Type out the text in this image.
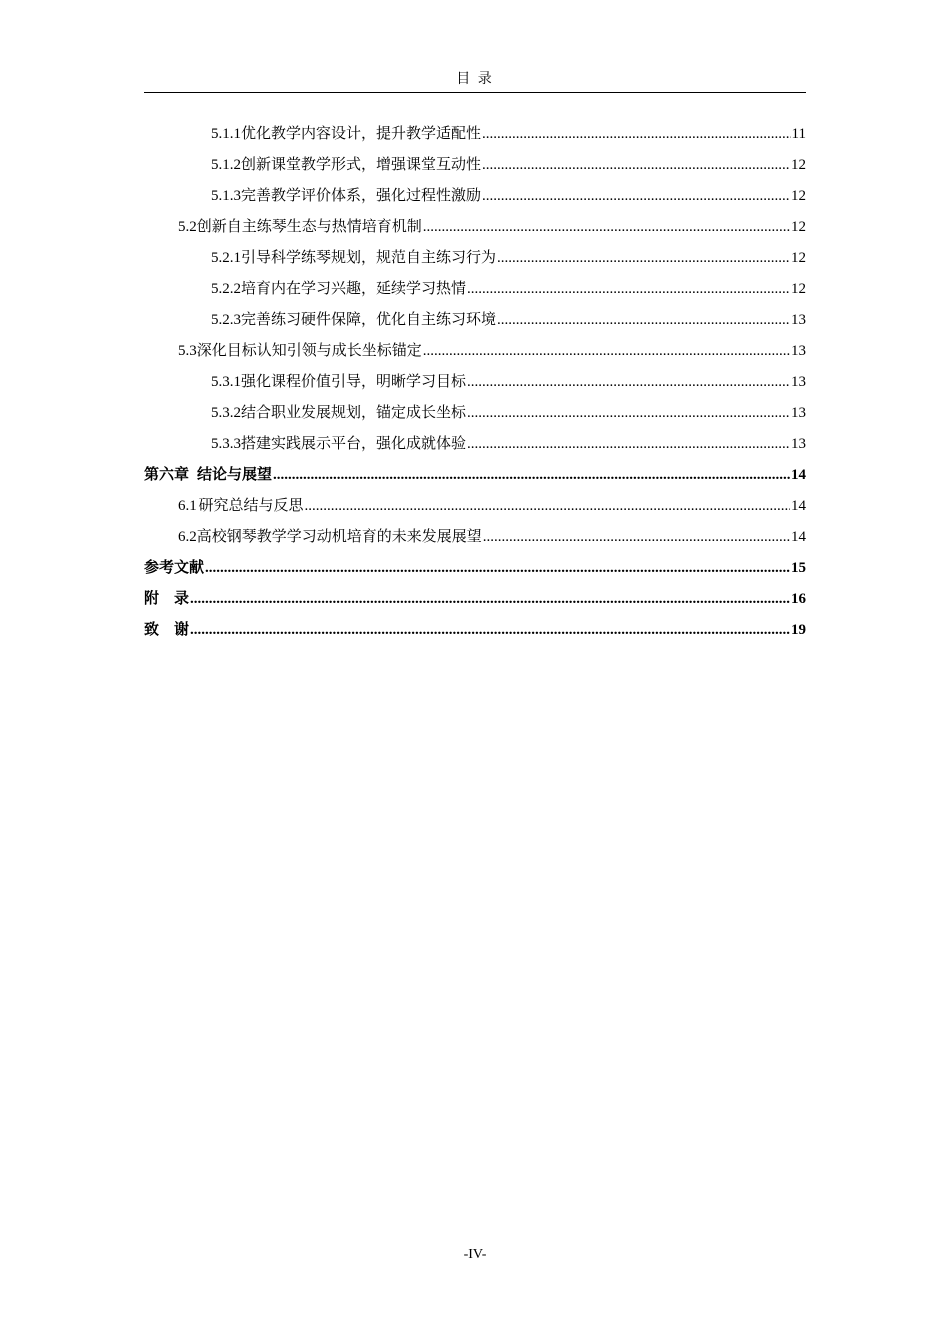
目 录
5.1.1 优化教学内容设计，提升教学适配性 .....	11
5.1.2 创新课堂教学形式，增强课堂互动性 .....	12
5.1.3 完善教学评价体系，强化过程性激励 .....	12
5.2 创新自主练琴生态与热情培育机制 .....	12
5.2.1 引导科学练琴规划，规范自主练习行为 .....	12
5.2.2 培育内在学习兴趣，延续学习热情 .....	12
5.2.3 完善练习硬件保障，优化自主练习环境 .....	13
5.3 深化目标认知引领与成长坐标锚定 .....	13
5.3.1 强化课程价值引导，明晰学习目标 .....	13
5.3.2 结合职业发展规划，锚定成长坐标 .....	13
5.3.3 搭建实践展示平台，强化成就体验 .....	13
第六章 结论与展望 .....	14
6.1 研究总结与反思 .....	14
6.2 高校钢琴教学学习动机培育的未来发展展望 .....	14
参考文献 .....	15
附　录 .....	16
致　谢 .....	19
-IV-
